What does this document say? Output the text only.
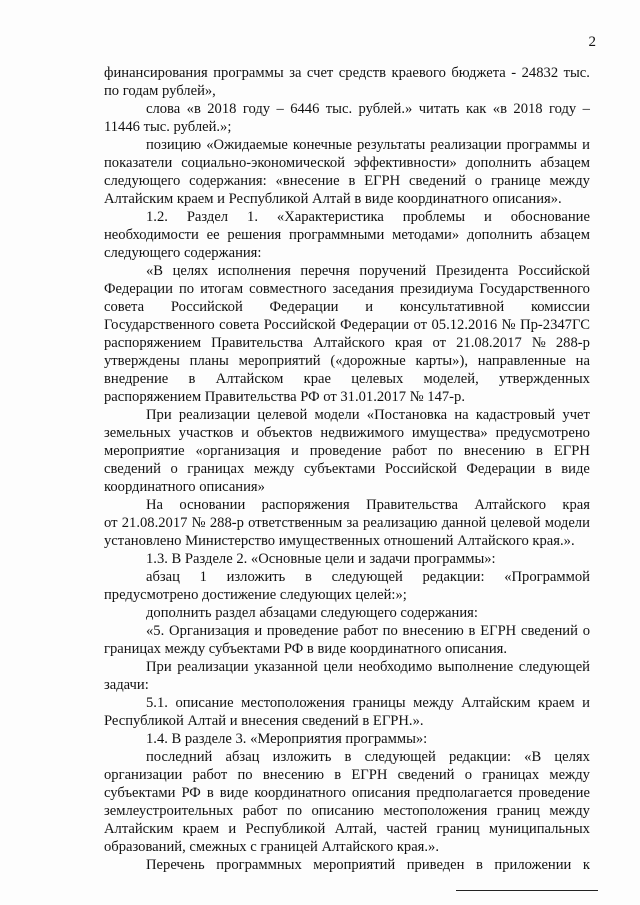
2
финансирования программы за счет средств краевого бюджета - 24832 тыс.
по годам рублей»,
слова «в 2018 году – 6446 тыс. рублей.» читать как «в 2018 году –
11446 тыс. рублей.»;
позицию «Ожидаемые конечные результаты реализации программы и
показатели социально-экономической эффективности» дополнить абзацем
следующего содержания: «внесение в ЕГРН сведений о границе между
Алтайским краем и Республикой Алтай в виде координатного описания».
1.2. Раздел 1. «Характеристика проблемы и обоснование
необходимости ее решения программными методами» дополнить абзацем
следующего содержания:
«В целях исполнения перечня поручений Президента Российской
Федерации по итогам совместного заседания президиума Государственного
совета Российской Федерации и консультативной комиссии
Государственного совета Российской Федерации от 05.12.2016 № Пр-2347ГС
распоряжением Правительства Алтайского края от 21.08.2017 № 288-р
утверждены планы мероприятий («дорожные карты»), направленные на
внедрение в Алтайском крае целевых моделей, утвержденных
распоряжением Правительства РФ от 31.01.2017 № 147-р.
При реализации целевой модели «Постановка на кадастровый учет
земельных участков и объектов недвижимого имущества» предусмотрено
мероприятие «организация и проведение работ по внесению в ЕГРН
сведений о границах между субъектами Российской Федерации в виде
координатного описания»
На основании распоряжения Правительства Алтайского края
от 21.08.2017 № 288-р ответственным за реализацию данной целевой модели
установлено Министерство имущественных отношений Алтайского края.».
1.3. В Разделе 2. «Основные цели и задачи программы»:
абзац 1 изложить в следующей редакции: «Программой
предусмотрено достижение следующих целей:»;
дополнить раздел абзацами следующего содержания:
«5. Организация и проведение работ по внесению в ЕГРН сведений о
границах между субъектами РФ в виде координатного описания.
При реализации указанной цели необходимо выполнение следующей
задачи:
5.1. описание местоположения границы между Алтайским краем и
Республикой Алтай и внесения сведений в ЕГРН.».
1.4. В разделе 3. «Мероприятия программы»:
последний абзац изложить в следующей редакции: «В целях
организации работ по внесению в ЕГРН сведений о границах между
субъектами РФ в виде координатного описания предполагается проведение
землеустроительных работ по описанию местоположения границ между
Алтайским краем и Республикой Алтай, частей границ муниципальных
образований, смежных с границей Алтайского края.».
Перечень программных мероприятий приведен в приложении к
